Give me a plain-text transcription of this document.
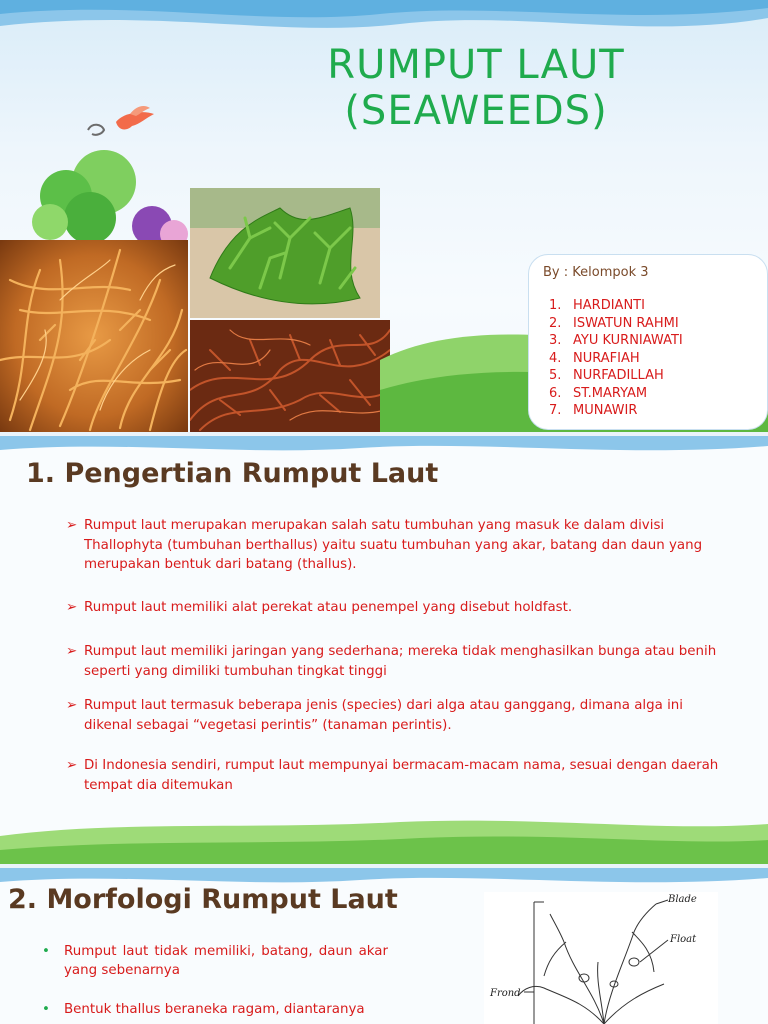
RUMPUT LAUT
(SEAWEEDS)
By : Kelompok 3
1. HARDIANTI
2. ISWATUN RAHMI
3. AYU KURNIAWATI
4. NURAFIAH
5. NURFADILLAH
6. ST.MARYAM
7. MUNAWIR
1. Pengertian Rumput Laut
➢ Rumput laut merupakan merupakan salah satu tumbuhan yang masuk ke dalam divisi Thallophyta (tumbuhan berthallus) yaitu suatu tumbuhan yang akar, batang dan daun yang merupakan bentuk dari batang (thallus).
➢ Rumput laut memiliki alat perekat atau penempel yang disebut holdfast.
➢ Rumput laut memiliki jaringan yang sederhana; mereka tidak menghasilkan bunga atau benih seperti yang dimiliki tumbuhan tingkat tinggi
➢ Rumput laut termasuk beberapa jenis (species) dari alga atau ganggang, dimana alga ini dikenal sebagai “vegetasi perintis” (tanaman perintis).
➢ Di Indonesia sendiri, rumput laut mempunyai bermacam-macam nama, sesuai dengan daerah tempat dia ditemukan
2. Morfologi Rumput Laut
• Rumput laut tidak memiliki, batang, daun akar yang sebenarnya
• Bentuk thallus beraneka ragam, diantaranya
Blade
Float
Frond
